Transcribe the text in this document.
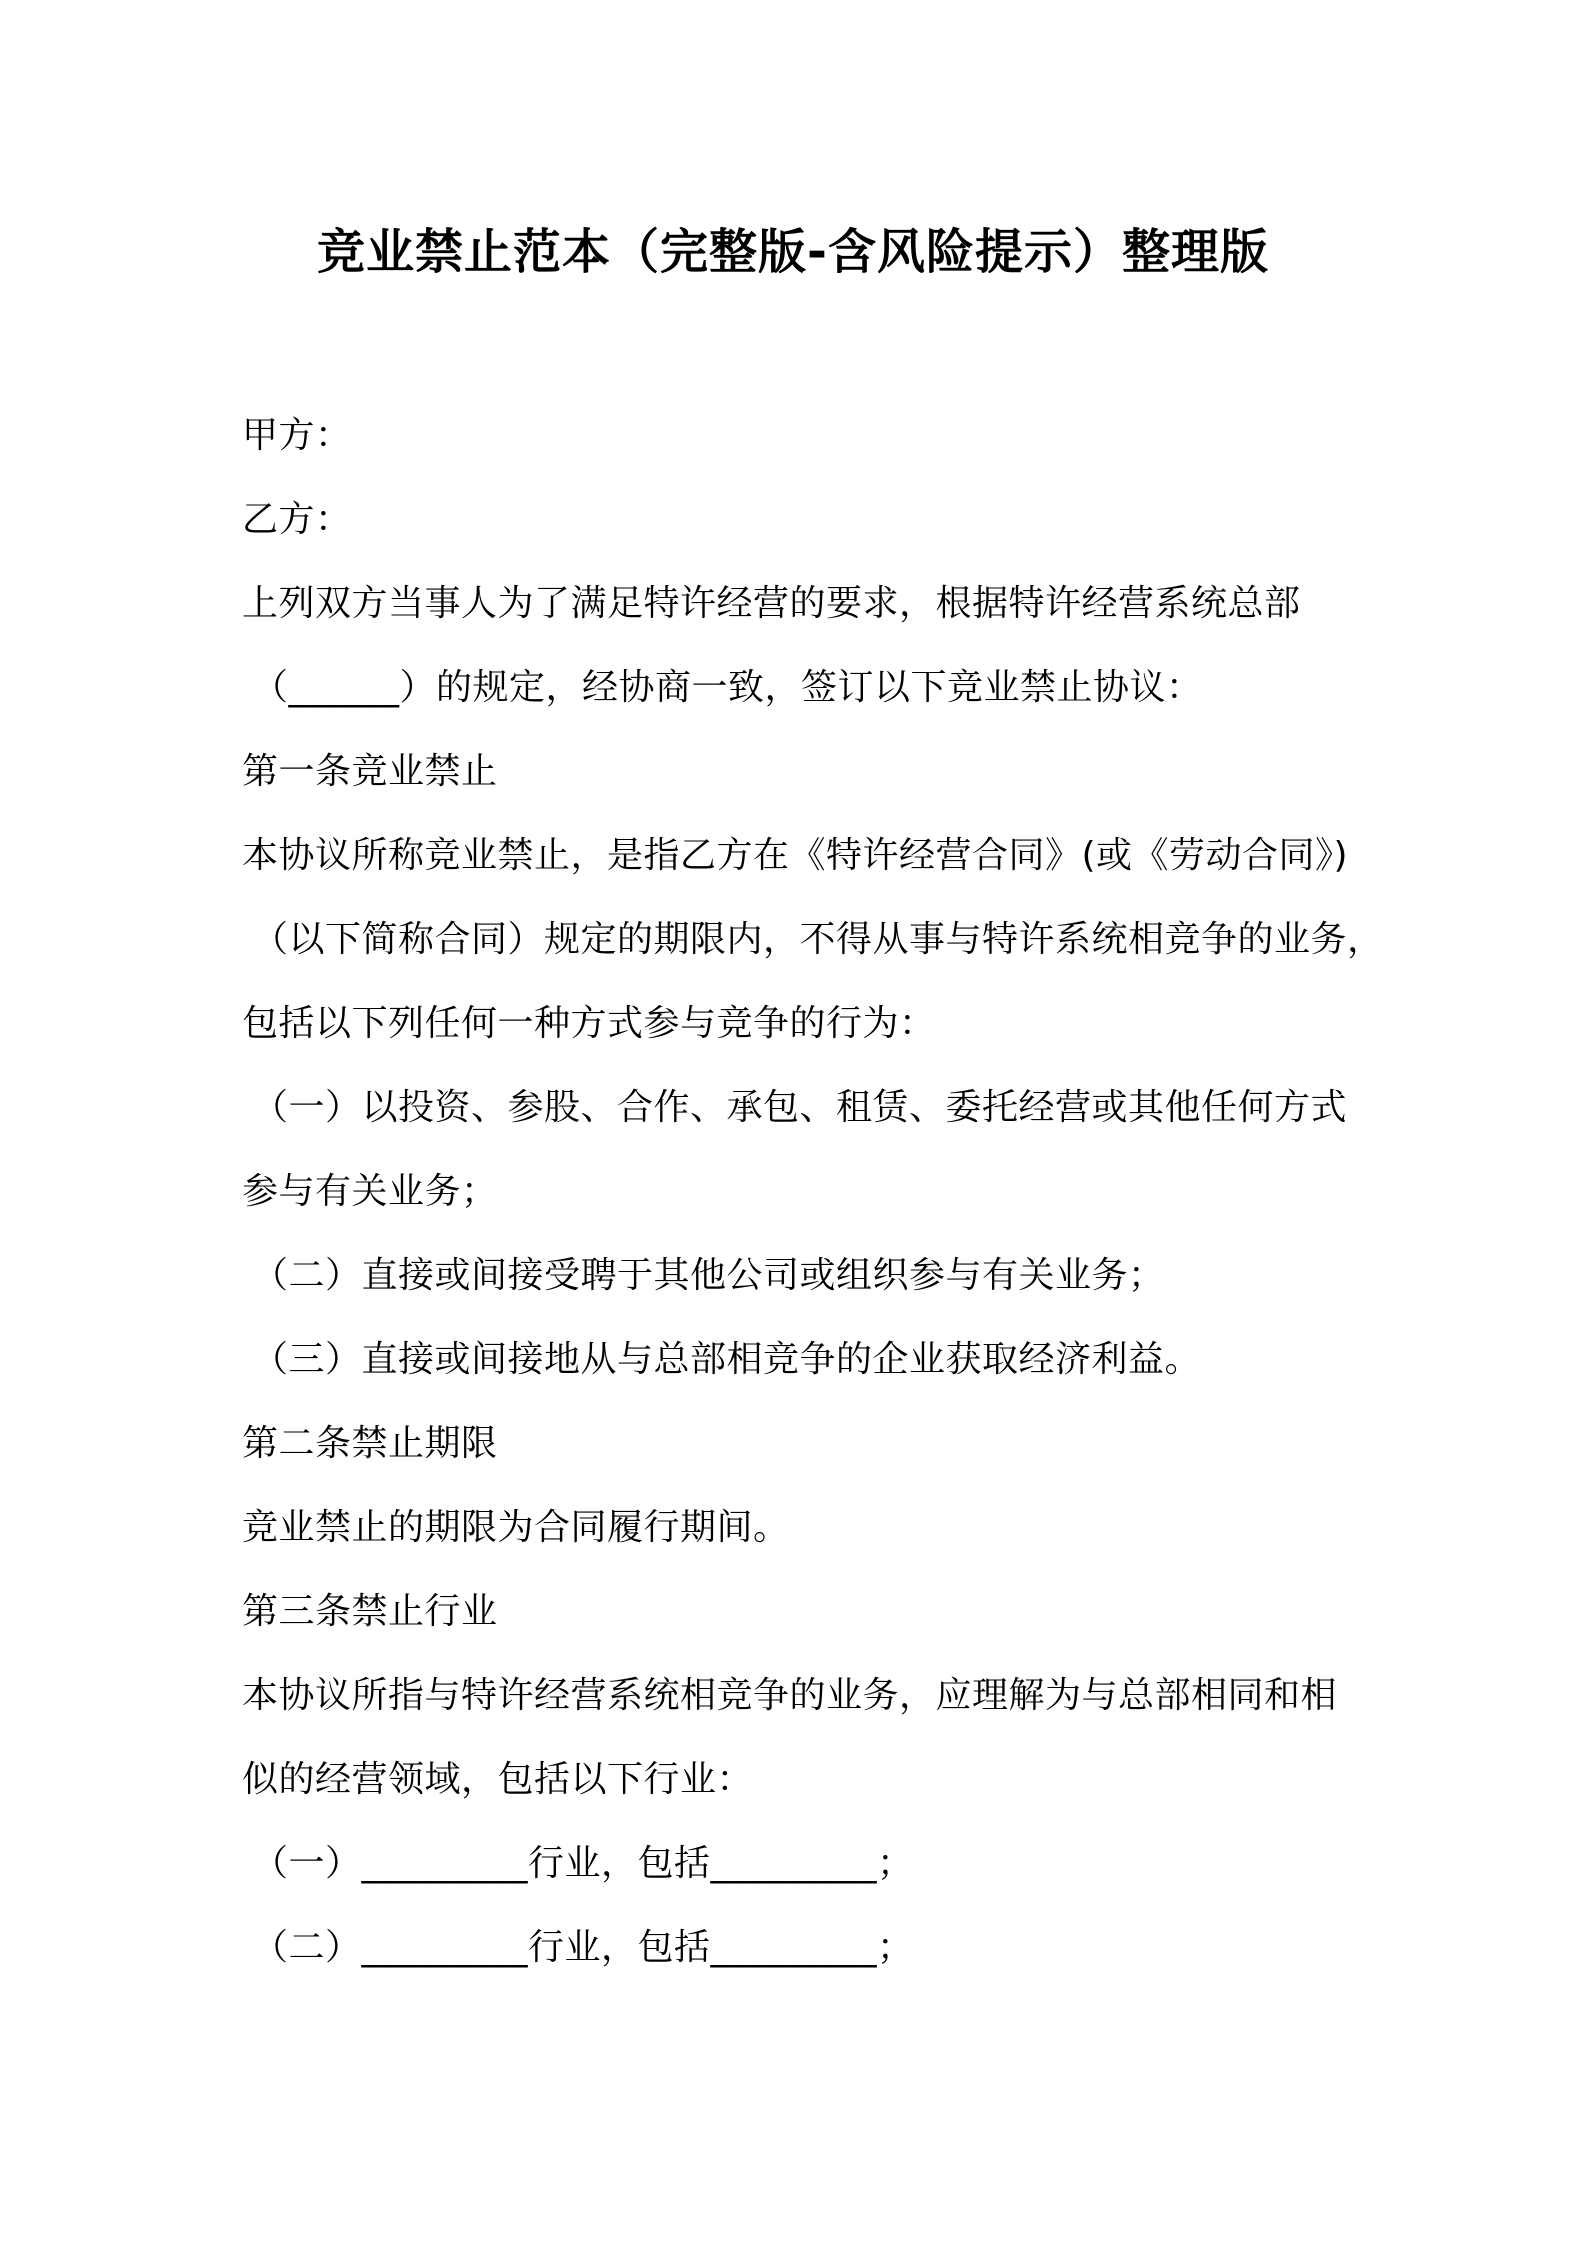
竞业禁止范本（完整版-含风险提示）整理版
甲方：
乙方：
上列双方当事人为了满足特许经营的要求，根据特许经营系统总部
（______）的规定，经协商一致，签订以下竞业禁止协议：
第一条竞业禁止
本协议所称竞业禁止，是指乙方在《特许经营合同》(或《劳动合同》)
（以下简称合同）规定的期限内，不得从事与特许系统相竞争的业务，
包括以下列任何一种方式参与竞争的行为：
（一）以投资、参股、合作、承包、租赁、委托经营或其他任何方式
参与有关业务；
（二）直接或间接受聘于其他公司或组织参与有关业务；
（三）直接或间接地从与总部相竞争的企业获取经济利益。
第二条禁止期限
竞业禁止的期限为合同履行期间。
第三条禁止行业
本协议所指与特许经营系统相竞争的业务，应理解为与总部相同和相
似的经营领域，包括以下行业：
（一）_________行业，包括_________；
（二）_________行业，包括_________；
